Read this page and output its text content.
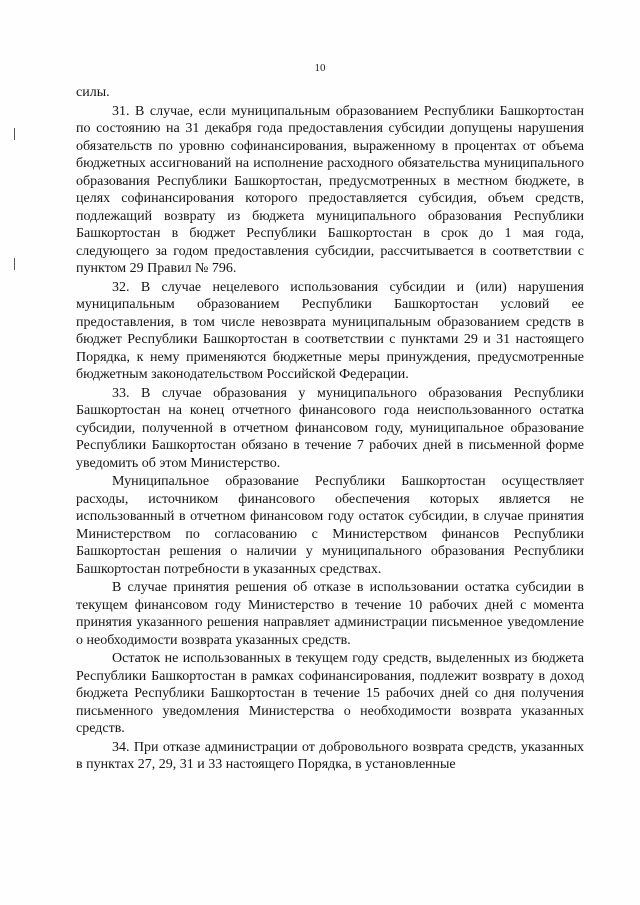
10

силы.

31. В случае, если муниципальным образованием Республики Башкортостан по состоянию на 31 декабря года предоставления субсидии допущены нарушения обязательств по уровню софинансирования, выраженному в процентах от объема бюджетных ассигнований на исполнение расходного обязательства муниципального образования Республики Башкортостан, предусмотренных в местном бюджете, в целях софинансирования которого предоставляется субсидия, объем средств, подлежащий возврату из бюджета муниципального образования Республики Башкортостан в бюджет Республики Башкортостан в срок до 1 мая года, следующего за годом предоставления субсидии, рассчитывается в соответствии с пунктом 29 Правил № 796.

32. В случае нецелевого использования субсидии и (или) нарушения муниципальным образованием Республики Башкортостан условий ее предоставления, в том числе невозврата муниципальным образованием средств в бюджет Республики Башкортостан в соответствии с пунктами 29 и 31 настоящего Порядка, к нему применяются бюджетные меры принуждения, предусмотренные бюджетным законодательством Российской Федерации.

33. В случае образования у муниципального образования Республики Башкортостан на конец отчетного финансового года неиспользованного остатка субсидии, полученной в отчетном финансовом году, муниципальное образование Республики Башкортостан обязано в течение 7 рабочих дней в письменной форме уведомить об этом Министерство.

Муниципальное образование Республики Башкортостан осуществляет расходы, источником финансового обеспечения которых является не использованный в отчетном финансовом году остаток субсидии, в случае принятия Министерством по согласованию с Министерством финансов Республики Башкортостан решения о наличии у муниципального образования Республики Башкортостан потребности в указанных средствах.

В случае принятия решения об отказе в использовании остатка субсидии в текущем финансовом году Министерство в течение 10 рабочих дней с момента принятия указанного решения направляет администрации письменное уведомление о необходимости возврата указанных средств.

Остаток не использованных в текущем году средств, выделенных из бюджета Республики Башкортостан в рамках софинансирования, подлежит возврату в доход бюджета Республики Башкортостан в течение 15 рабочих дней со дня получения письменного уведомления Министерства о необходимости возврата указанных средств.

34. При отказе администрации от добровольного возврата средств, указанных в пунктах 27, 29, 31 и 33 настоящего Порядка, в установленные
